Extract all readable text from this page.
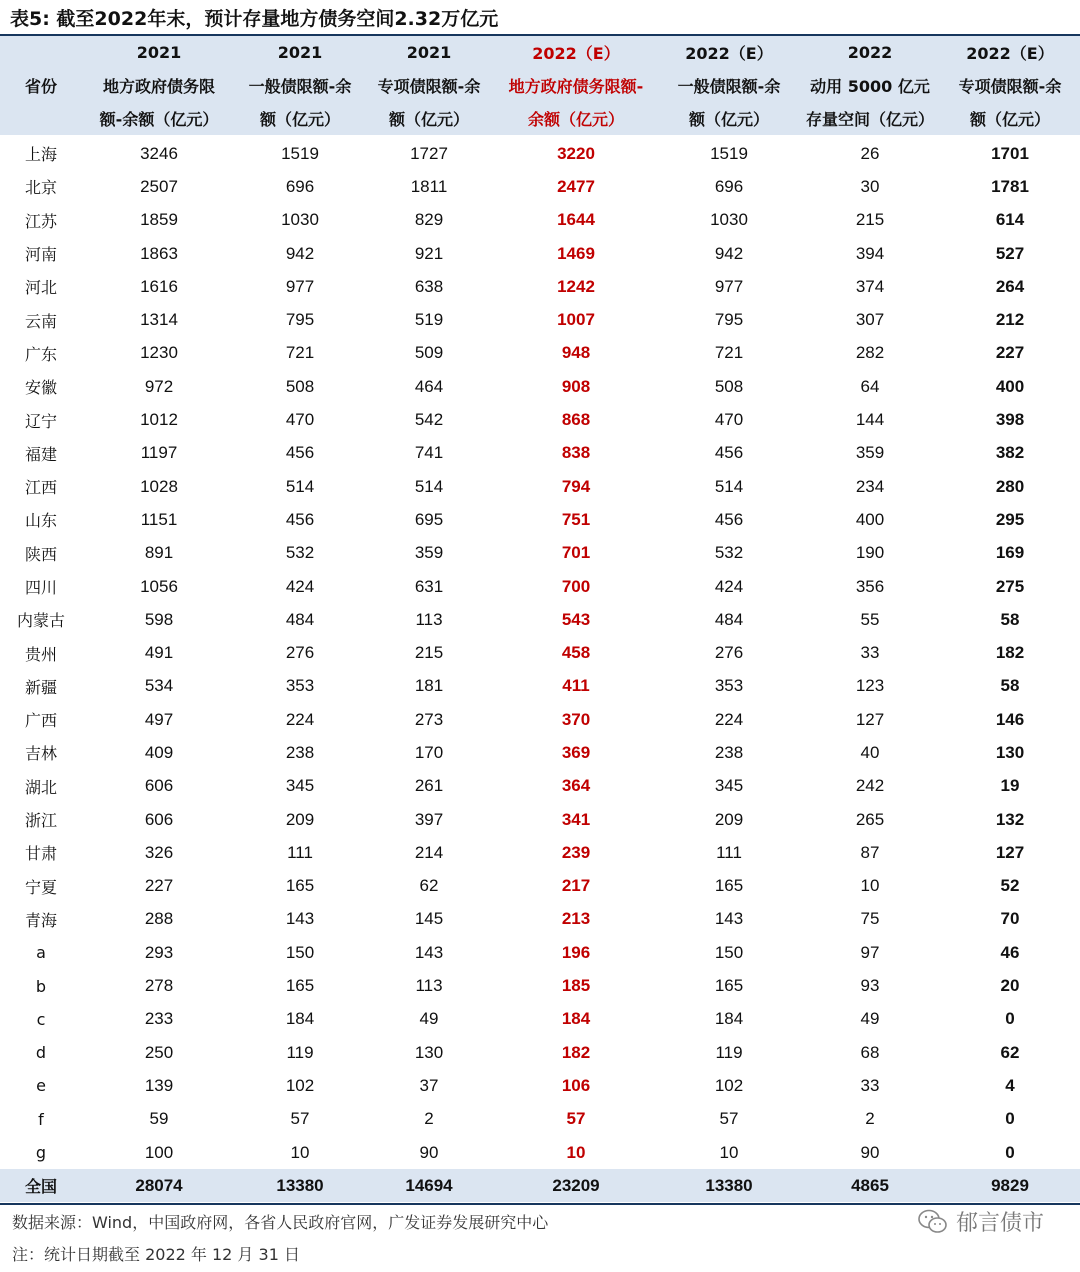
表5: 截至2022年末，预计存量地方债务空间2.32万亿元
	2021	2021	2021	2022（E）	2022（E）	2022	2022（E）
省份	地方政府债务限	一般债限额-余	专项债限额-余	地方政府债务限额-	一般债限额-余	动用 5000 亿元	专项债限额-余
	额-余额（亿元）	额（亿元）	额（亿元）	余额（亿元）	额（亿元）	存量空间（亿元）	额（亿元）
上海	3246	1519	1727	3220	1519	26	1701
北京	2507	696	1811	2477	696	30	1781
江苏	1859	1030	829	1644	1030	215	614
河南	1863	942	921	1469	942	394	527
河北	1616	977	638	1242	977	374	264
云南	1314	795	519	1007	795	307	212
广东	1230	721	509	948	721	282	227
安徽	972	508	464	908	508	64	400
辽宁	1012	470	542	868	470	144	398
福建	1197	456	741	838	456	359	382
江西	1028	514	514	794	514	234	280
山东	1151	456	695	751	456	400	295
陕西	891	532	359	701	532	190	169
四川	1056	424	631	700	424	356	275
内蒙古	598	484	113	543	484	55	58
贵州	491	276	215	458	276	33	182
新疆	534	353	181	411	353	123	58
广西	497	224	273	370	224	127	146
吉林	409	238	170	369	238	40	130
湖北	606	345	261	364	345	242	19
浙江	606	209	397	341	209	265	132
甘肃	326	111	214	239	111	87	127
宁夏	227	165	62	217	165	10	52
青海	288	143	145	213	143	75	70
a	293	150	143	196	150	97	46
b	278	165	113	185	165	93	20
c	233	184	49	184	184	49	0
d	250	119	130	182	119	68	62
e	139	102	37	106	102	33	4
f	59	57	2	57	57	2	0
g	100	10	90	10	10	90	0
全国	28074	13380	14694	23209	13380	4865	9829
数据来源：Wind，中国政府网，各省人民政府官网，广发证券发展研究中心
注：统计日期截至 2022 年 12 月 31 日
郁言债市
